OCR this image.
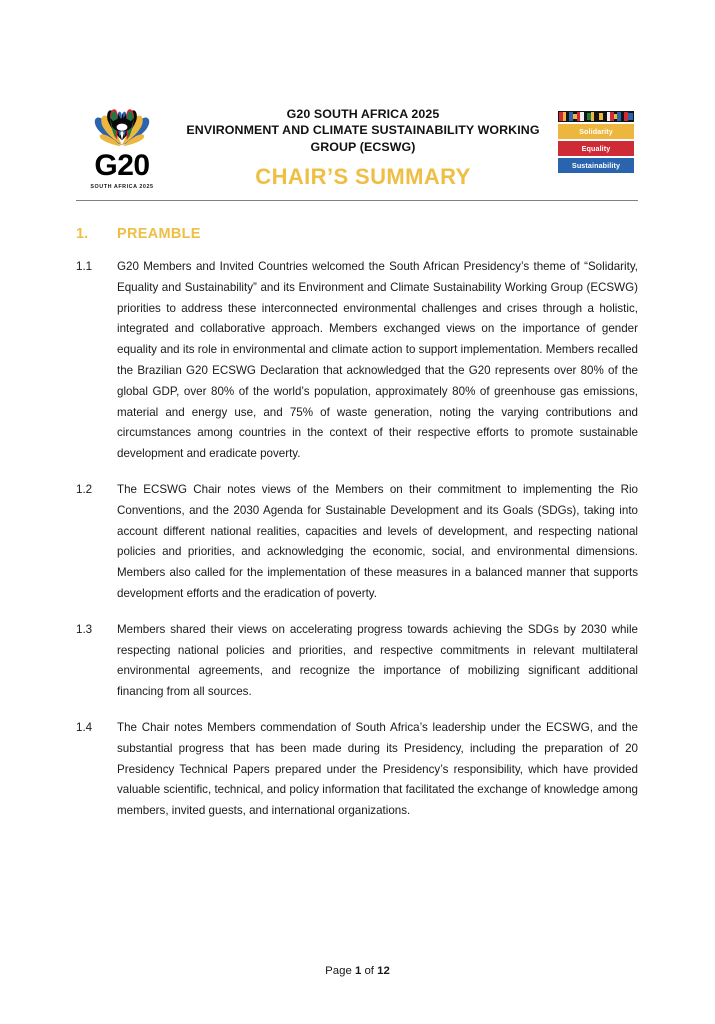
G20
SOUTH AFRICA 2025
G20 SOUTH AFRICA 2025
ENVIRONMENT AND CLIMATE SUSTAINABILITY WORKING
GROUP (ECSWG)
CHAIR’S SUMMARY
Solidarity
Equality
Sustainability
1.	PREAMBLE
1.1	G20 Members and Invited Countries welcomed the South African Presidency’s theme of “Solidarity, Equality and Sustainability” and its Environment and Climate Sustainability Working Group (ECSWG) priorities to address these interconnected environmental challenges and crises through a holistic, integrated and collaborative approach. Members exchanged views on the importance of gender equality and its role in environmental and climate action to support implementation. Members recalled the Brazilian G20 ECSWG Declaration that acknowledged that the G20 represents over 80% of the global GDP, over 80% of the world’s population, approximately 80% of greenhouse gas emissions, material and energy use, and 75% of waste generation, noting the varying contributions and circumstances among countries in the context of their respective efforts to promote sustainable development and eradicate poverty.
1.2	The ECSWG Chair notes views of the Members on their commitment to implementing the Rio Conventions, and the 2030 Agenda for Sustainable Development and its Goals (SDGs), taking into account different national realities, capacities and levels of development, and respecting national policies and priorities, and acknowledging the economic, social, and environmental dimensions. Members also called for the implementation of these measures in a balanced manner that supports development efforts and the eradication of poverty.
1.3	Members shared their views on accelerating progress towards achieving the SDGs by 2030 while respecting national policies and priorities, and respective commitments in relevant multilateral environmental agreements, and recognize the importance of mobilizing significant additional financing from all sources.
1.4	The Chair notes Members commendation of South Africa’s leadership under the ECSWG, and the substantial progress that has been made during its Presidency, including the preparation of 20 Presidency Technical Papers prepared under the Presidency’s responsibility, which have provided valuable scientific, technical, and policy information that facilitated the exchange of knowledge among members, invited guests, and international organizations.
Page 1 of 12
